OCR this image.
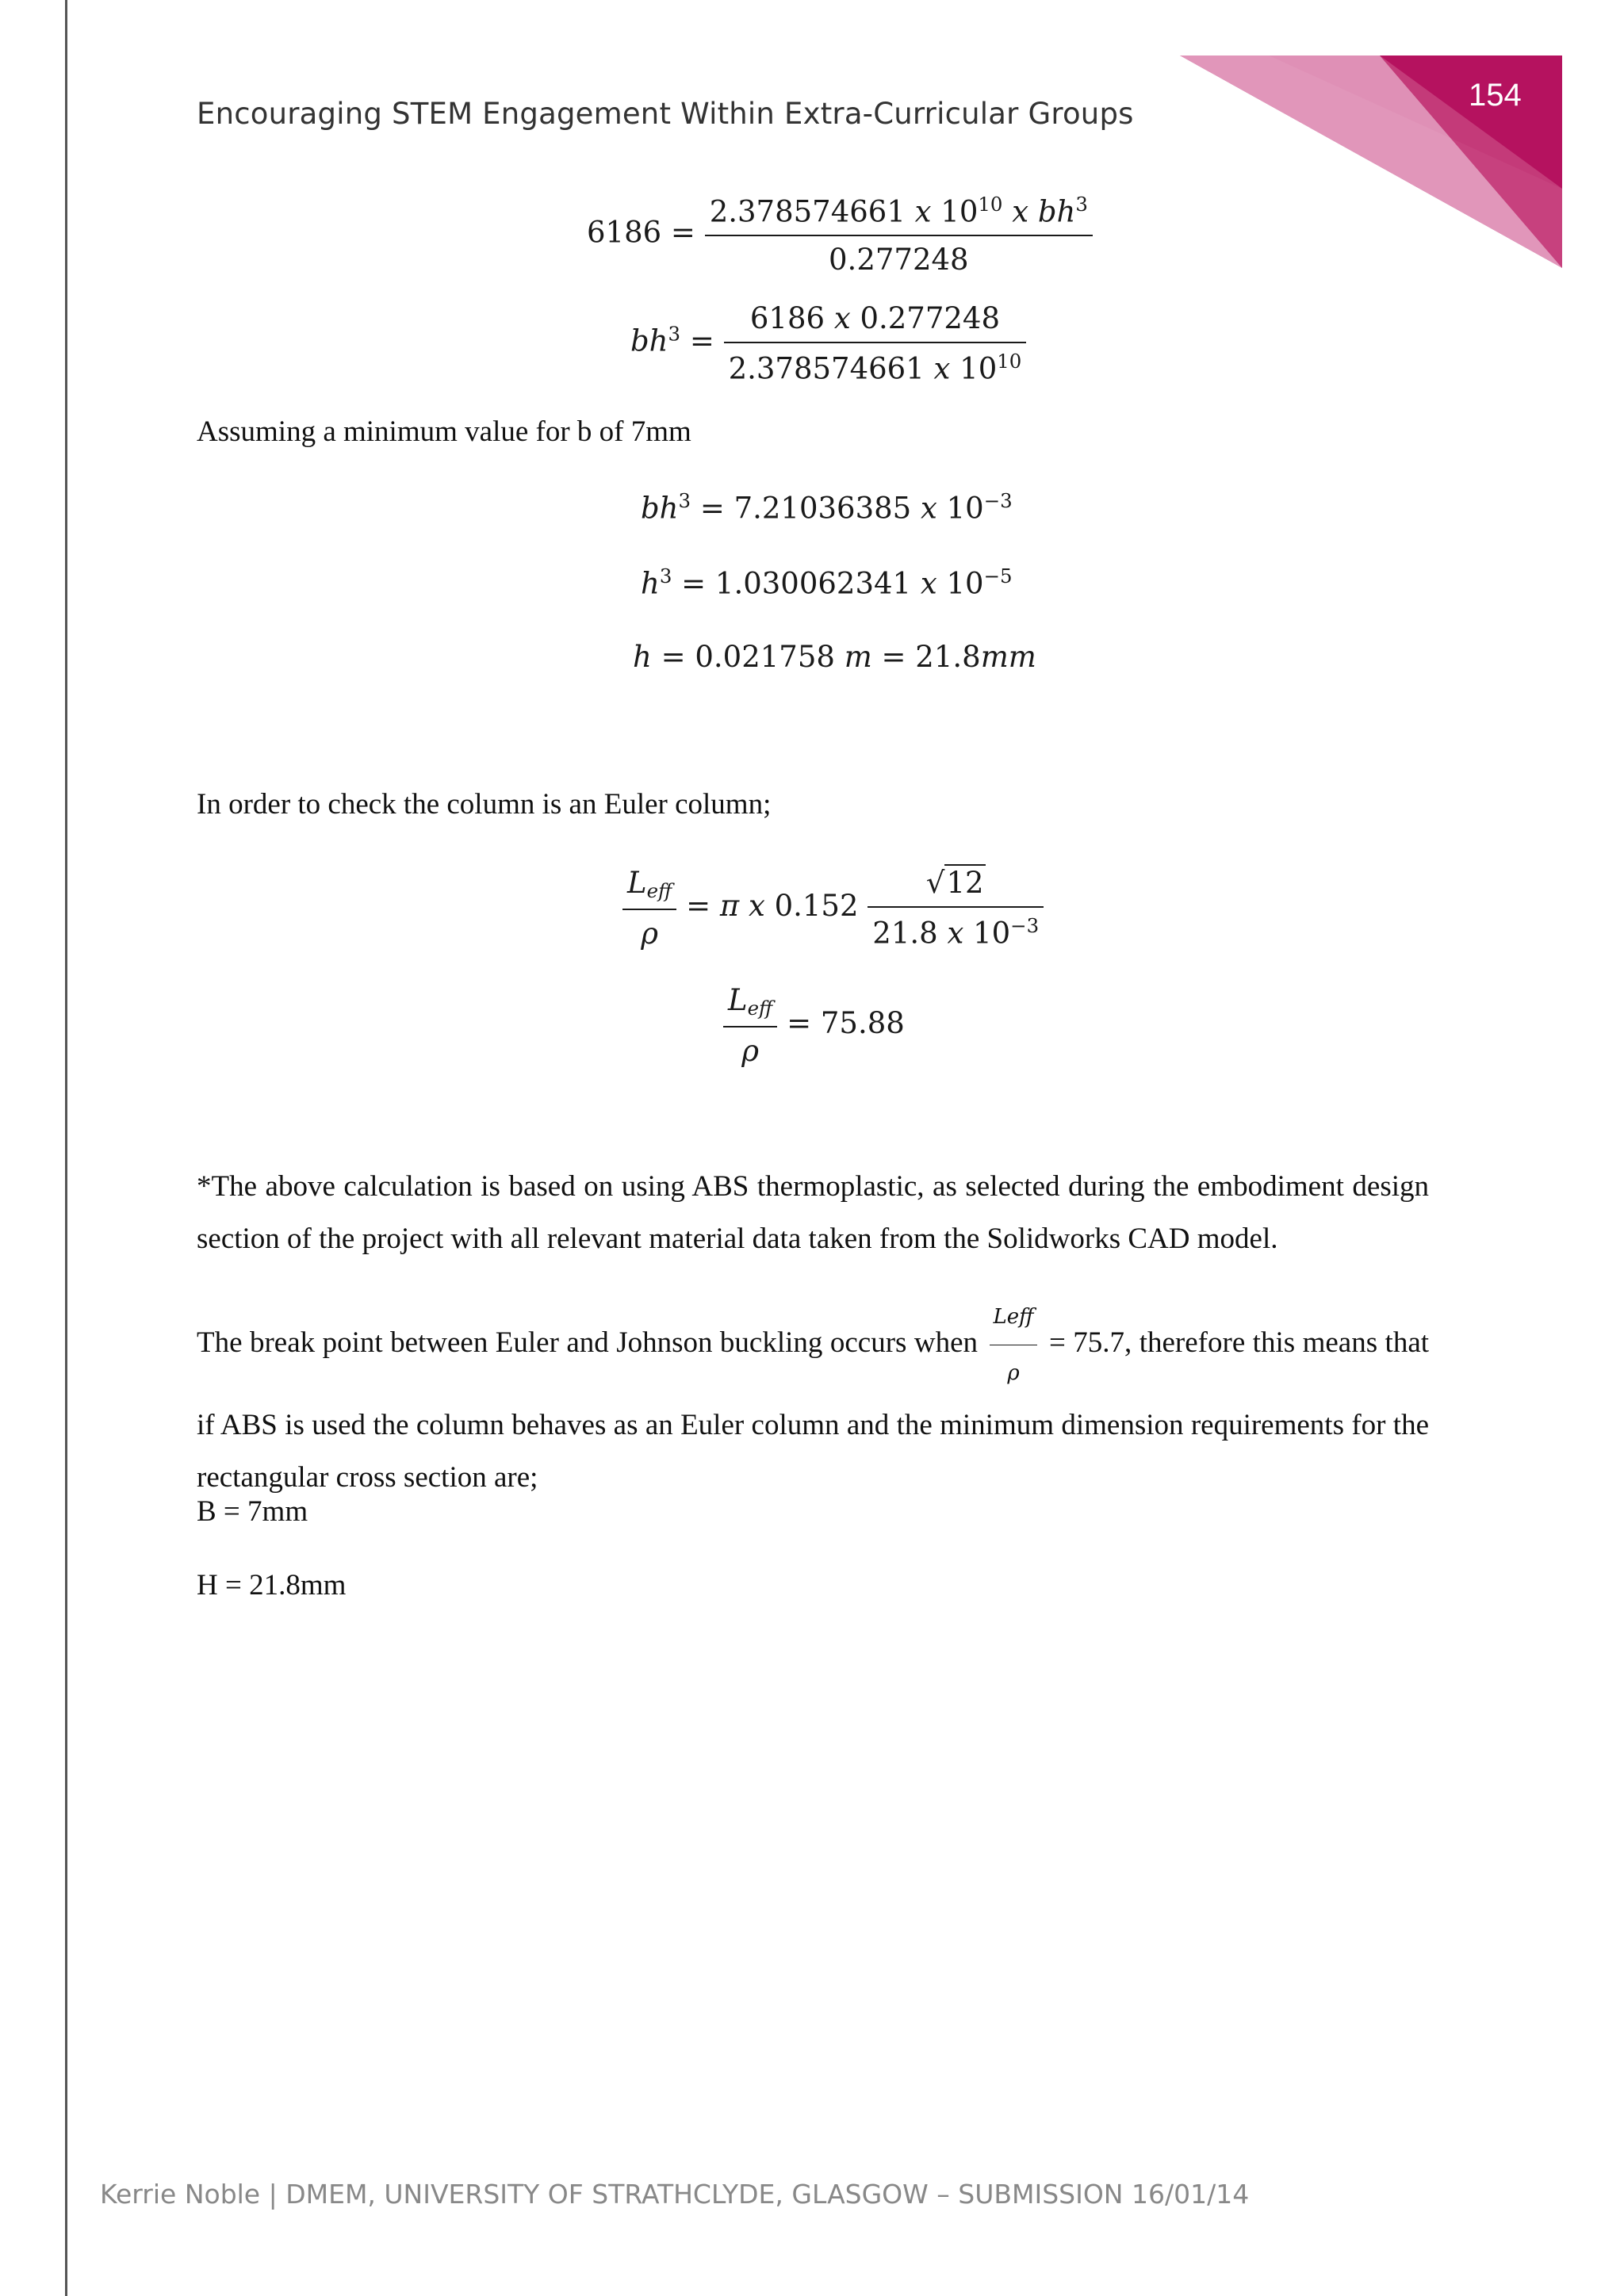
154
Encouraging STEM Engagement Within Extra-Curricular Groups
$6186 = \frac{2.378574661 x 10^{10} x bh^3}{0.277248}$
$bh^3 = \frac{6186 x 0.277248}{2.378574661 x 10^{10}}$
Assuming a minimum value for b of 7mm
$bh^3 = 7.21036385$ x $10^{-3}$
$h^3 = 1.030062341$ x $10^{-5}$
h = 0.021758 m = 21.8mm
In order to check the column is an Euler column;
$\frac{L_{eff}}{\rho} = \pi$ x $0.152 \frac{√12}{21.8 x 10^{-3}}$
$\frac{L_{eff}}{\rho} = 75.88$
*The above calculation is based on using ABS thermoplastic, as selected during the embodiment design section of the project with all relevant material data taken from the Solidworks CAD model.
The break point between Euler and Johnson buckling occurs when $\frac{\text{Leff}}{\rho} = 75.7$, therefore this means that if ABS is used the column behaves as an Euler column and the minimum dimension requirements for the rectangular cross section are;
B = 7mm
H = 21.8mm
Kerrie Noble | DMEM, UNIVERSITY OF STRATHCLYDE, GLASGOW – SUBMISSION 16/01/14
